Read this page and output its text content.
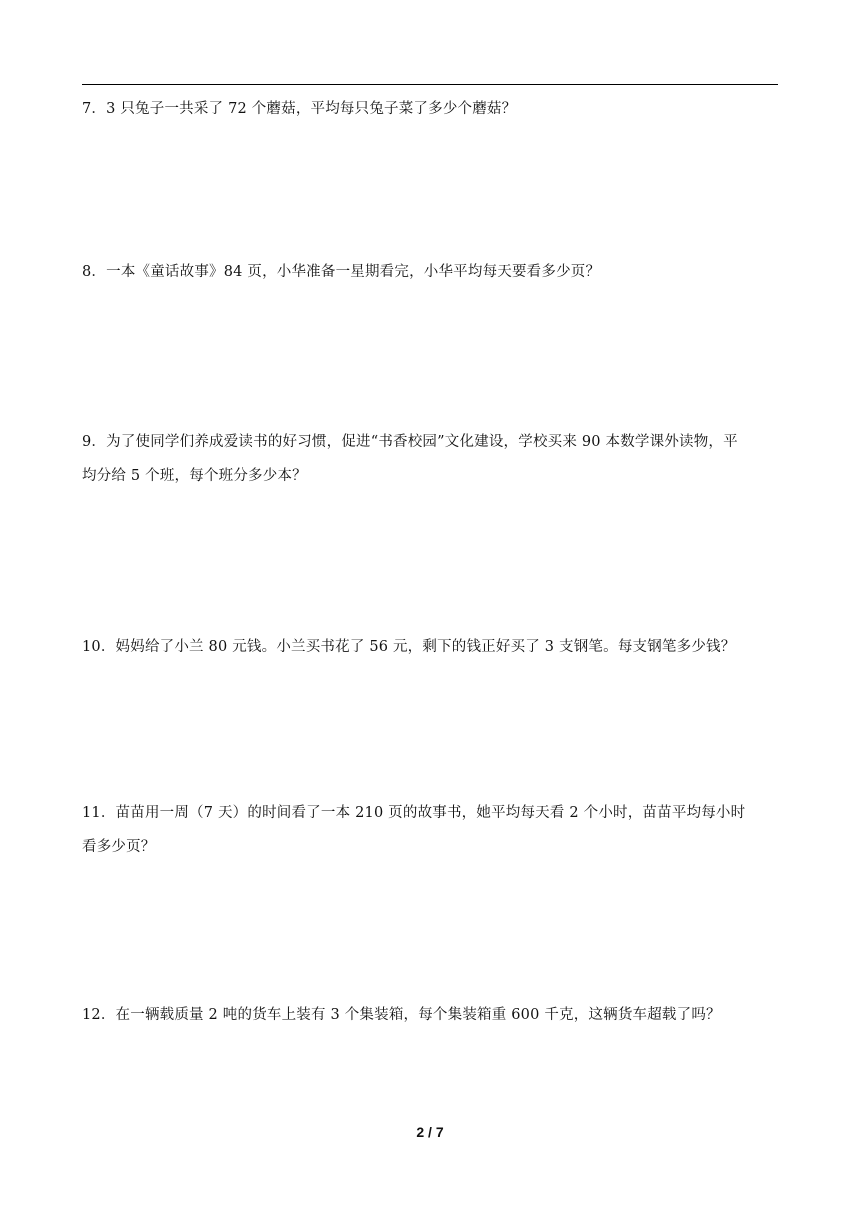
7．3 只兔子一共采了 72 个蘑菇，平均每只兔子菜了多少个蘑菇？
8．一本《童话故事》84 页，小华准备一星期看完，小华平均每天要看多少页？
9．为了使同学们养成爱读书的好习惯，促进“书香校园”文化建设，学校买来 90 本数学课外读物，平
均分给 5 个班，每个班分多少本？
10．妈妈给了小兰 80 元钱。小兰买书花了 56 元，剩下的钱正好买了 3 支钢笔。每支钢笔多少钱？
11．苗苗用一周（7 天）的时间看了一本 210 页的故事书，她平均每天看 2 个小时，苗苗平均每小时
看多少页？
12．在一辆载质量 2 吨的货车上装有 3 个集装箱，每个集装箱重 600 千克，这辆货车超载了吗？
2 / 7
